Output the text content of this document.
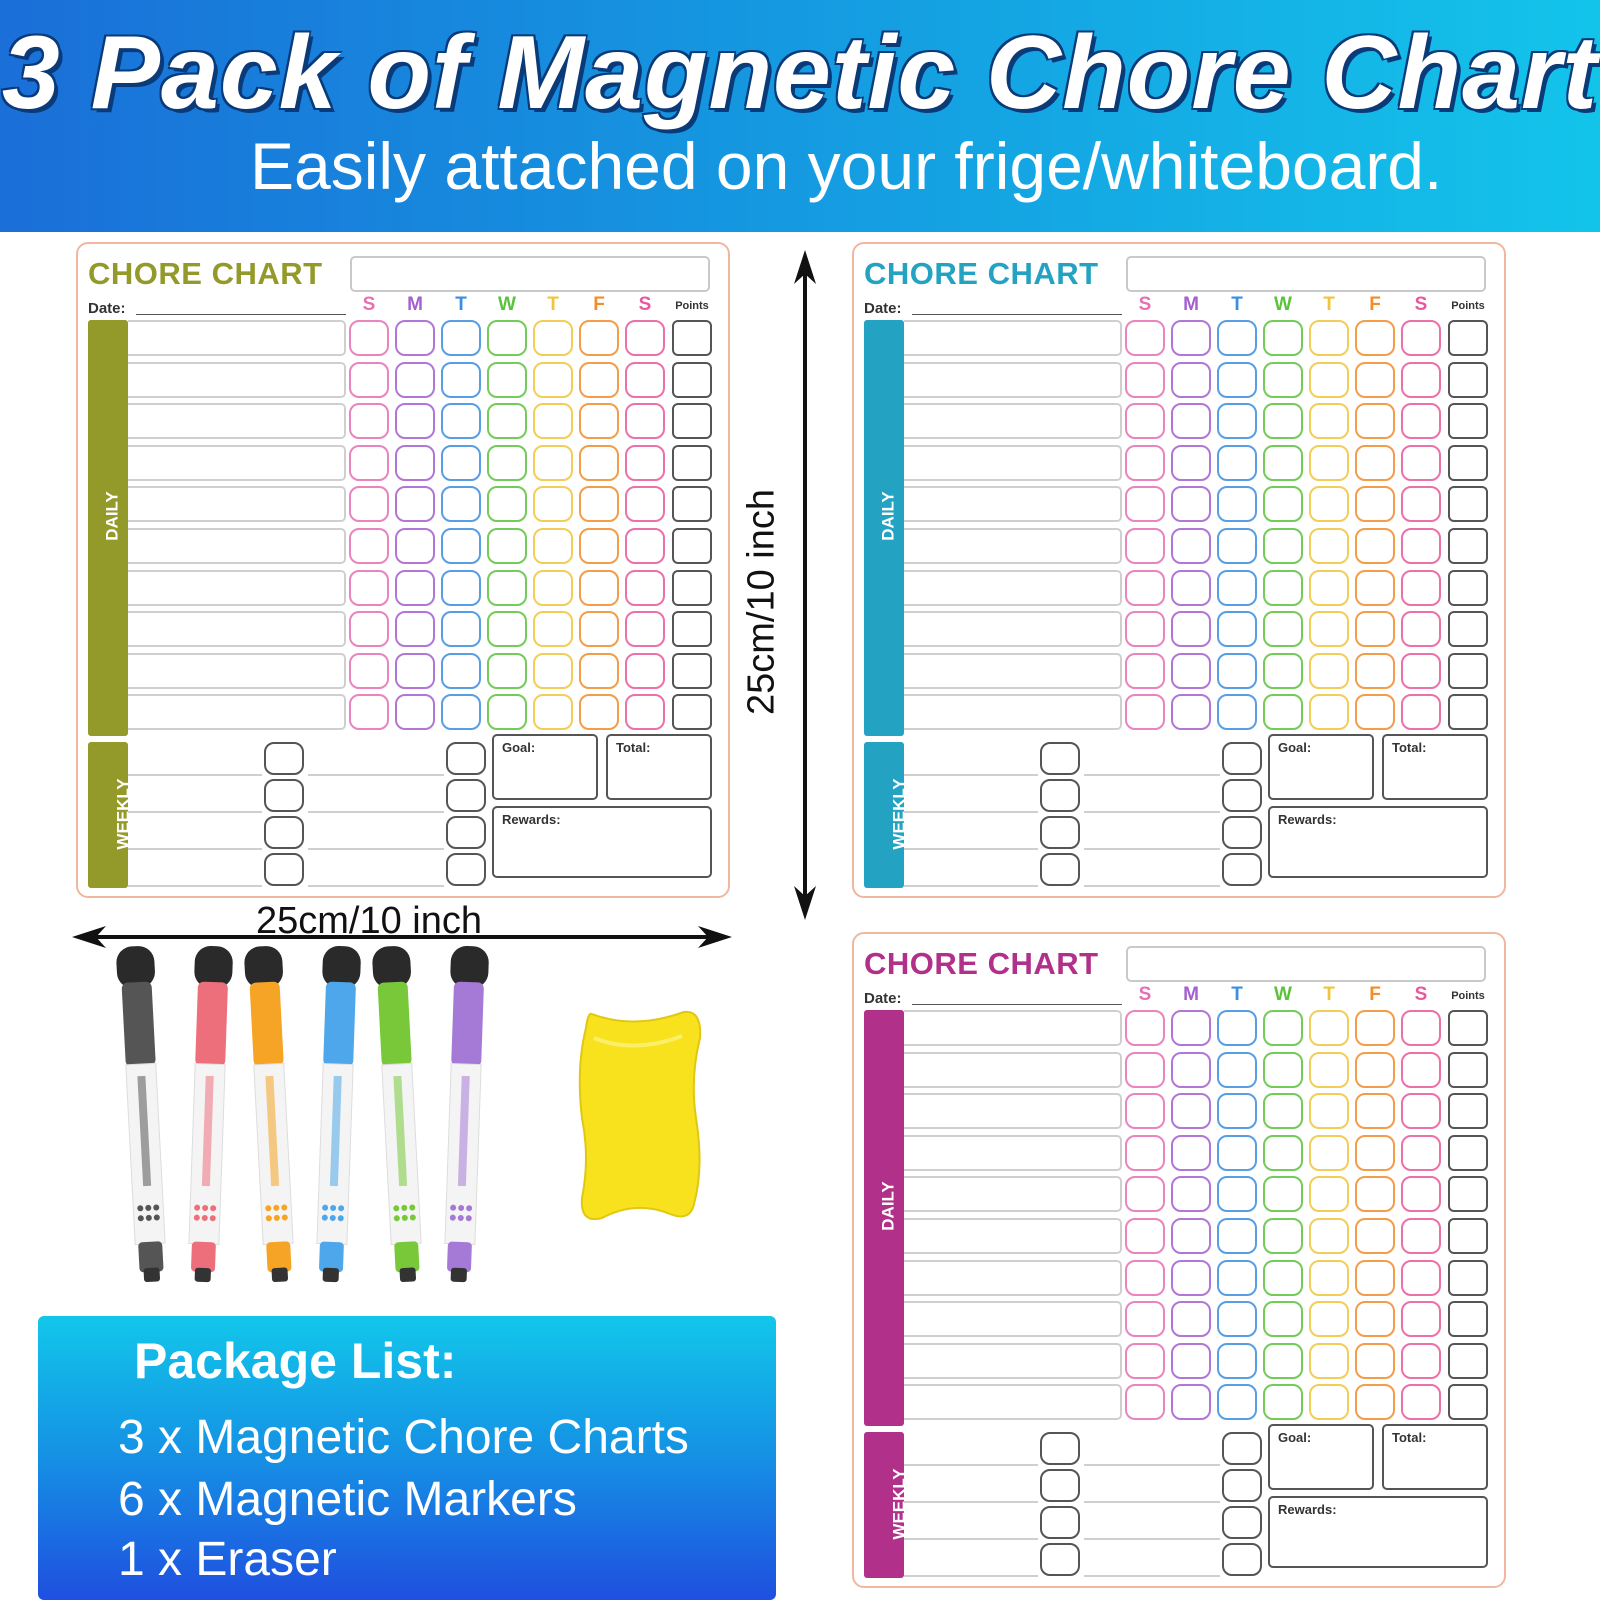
3 Pack of Magnetic Chore Chart
Easily attached on your frige/whiteboard.
CHORE CHART
Date:	S	M	T	W	T	F	S	Points
DAILY
WEEKLY
Goal:	Total:
Rewards:
CHORE CHART
Date:	S	M	T	W	T	F	S	Points
DAILY
WEEKLY
Goal:	Total:
Rewards:
CHORE CHART
Date:	S	M	T	W	T	F	S	Points
DAILY
WEEKLY
Goal:	Total:
Rewards:
25cm/10 inch
25cm/10 inch
Package List:
3 x Magnetic Chore Charts
6 x Magnetic Markers
1 x Eraser
